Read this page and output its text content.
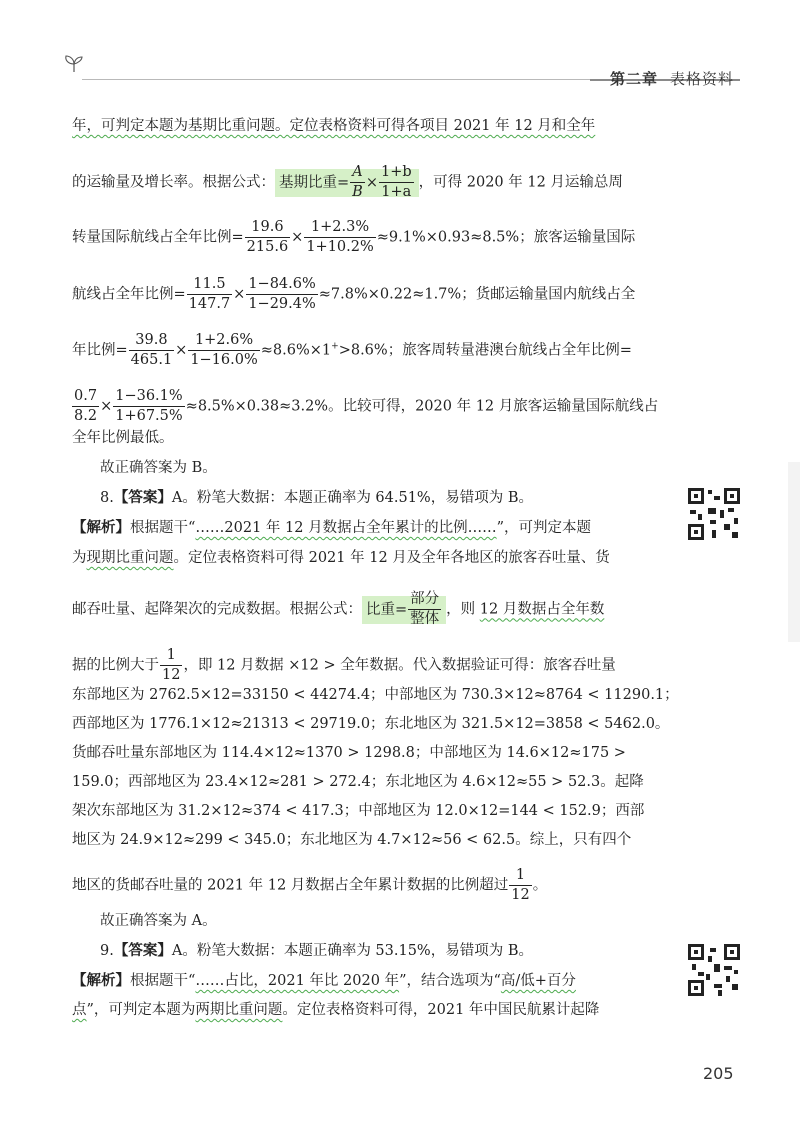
第二章 表格资料
年，可判定本题为基期比重问题。定位表格资料可得各项目 2021 年 12 月和全年
的运输量及增长率。根据公式： 基期比重= $\frac{A}{B} \times \frac{1+b}{1+a}$ ，可得 2020 年 12 月运输总周
转量国际航线占全年比例= $\frac{19.6}{215.6} \times \frac{1+2.3\%}{1+10.2\%} \approx 9.1\%\times 0.93\approx 8.5\%$；旅客运输量国际
航线占全年比例= $\frac{11.5}{147.7} \times \frac{1-84.6\%}{1-29.4\%} \approx 7.8\%\times 0.22\approx 1.7\%$；货邮运输量国内航线占全
年比例= $\frac{39.8}{465.1} \times \frac{1+2.6\%}{1-16.0\%} \approx 8.6\%\times 1^+>8.6\%$；旅客周转量港澳台航线占全年比例=
$\frac{0.7}{8.2} \times \frac{1-36.1\%}{1+67.5\%} \approx 8.5\%\times 0.38\approx 3.2\%$。比较可得，2020 年 12 月旅客运输量国际航线占
全年比例最低。
故正确答案为 B。
8.【答案】A。粉笔大数据：本题正确率为 64.51%，易错项为 B。
【解析】根据题干“……2021 年 12 月数据占全年累计的比例……”，可判定本题
为现期比重问题。定位表格资料可得 2021 年 12 月及全年各地区的旅客吞吐量、货
邮吞吐量、起降架次的完成数据。根据公式： 比重= $\frac{\text{部分}}{\text{整体}}$ ，则 12 月数据占全年数
据的比例大于 $\frac{1}{12}$ ，即 12 月数据 ×12 > 全年数据。代入数据验证可得：旅客吞吐量
东部地区为 2762.5×12=33150 < 44274.4；中部地区为 730.3×12≈8764 < 11290.1；
西部地区为 1776.1×12≈21313 < 29719.0；东北地区为 321.5×12=3858 < 5462.0。
货邮吞吐量东部地区为 114.4×12≈1370 > 1298.8；中部地区为 14.6×12≈175 >
159.0；西部地区为 23.4×12≈281 > 272.4；东北地区为 4.6×12≈55 > 52.3。起降
架次东部地区为 31.2×12≈374 < 417.3；中部地区为 12.0×12=144 < 152.9；西部
地区为 24.9×12≈299 < 345.0；东北地区为 4.7×12≈56 < 62.5。综上，只有四个
地区的货邮吞吐量的 2021 年 12 月数据占全年累计数据的比例超过 $\frac{1}{12}$ 。
故正确答案为 A。
9.【答案】A。粉笔大数据：本题正确率为 53.15%，易错项为 B。
【解析】根据题干“……占比，2021 年比 2020 年”，结合选项为“高/低+百分
点”，可判定本题为两期比重问题。定位表格资料可得，2021 年中国民航累计起降
205
